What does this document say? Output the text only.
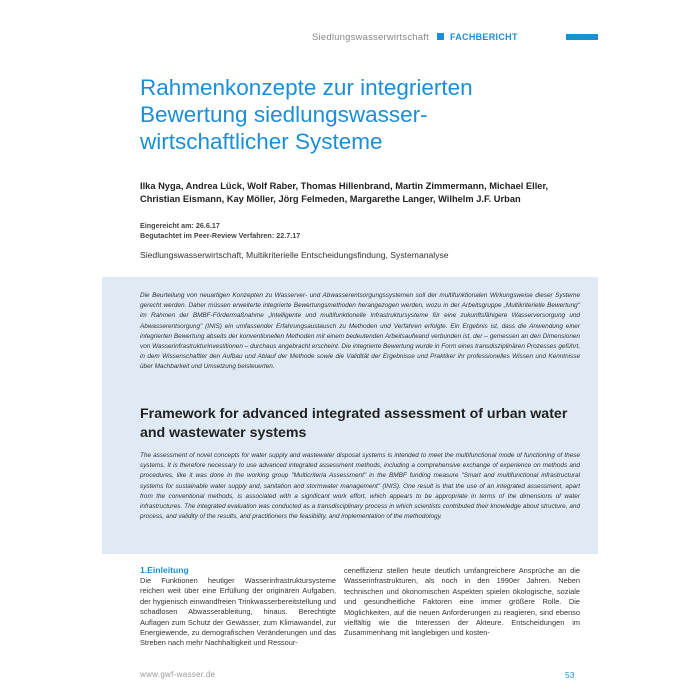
Siedlungswasserwirtschaft FACHBERICHT
Rahmenkonzepte zur integrierten Bewertung siedlungswasser-wirtschaftlicher Systeme
Ilka Nyga, Andrea Lück, Wolf Raber, Thomas Hillenbrand, Martin Zimmermann, Michael Eller, Christian Eismann, Kay Möller, Jörg Felmeden, Margarethe Langer, Wilhelm J.F. Urban
Eingereicht am: 26.6.17
Begutachtet im Peer-Review Verfahren: 22.7.17
Siedlungswasserwirtschaft, Multikriterielle Entscheidungsfindung, Systemanalyse

Die Beurteilung von neuartigen Konzepten zu Wasserver- und Abwasserentsorgungssystemen soll der multifunktionalen Wirkungsweise dieser Systeme gerecht werden. Daher müssen erweiterte integrierte Bewertungsmethoden herangezogen werden, wozu in der Arbeitsgruppe „Multikriterielle Bewertung" im Rahmen der BMBF-Fördermaßnahme „Intelligente und multifunktionelle Infrastruktursysteme für eine zukunftsfähigere Wasserversorgung und Abwasserentsorgung" (INIS) ein umfassender Erfahrungsaustausch zu Methoden und Verfahren erfolgte. Ein Ergebnis ist, dass die Anwendung einer integrierten Bewertung abseits der konventionellen Methoden mit einem bedeutenden Arbeitsaufwand verbunden ist, der – gemessen an den Dimensionen von Wasserinfrastrukturinvestitionen – durchaus angebracht erscheint. Die integrierte Bewertung wurde in Form eines transdisziplinären Prozesses geführt, in dem Wissenschaftler den Aufbau und Ablauf der Methode sowie die Validität der Ergebnisse und Praktiker ihr professionelles Wissen und Kenntnisse über Machbarkeit und Umsetzung beisteuerten.

Framework for advanced integrated assessment of urban water and wastewater systems

The assessment of novel concepts for water supply and wastewater disposal systems is intended to meet the multifunctional mode of functioning of these systems. It is therefore necessary to use advanced integrated assessment methods, including a comprehensive exchange of experience on methods and procedures, like it was done in the working group "Multicriteria Assessment" in the BMBF funding measure "Smart and multifunctional infrastructural systems for sustainable water supply and, sanitation and stormwater management" (INIS). One result is that the use of an integrated assessment, apart from the conventional methods, is associated with a significant work effort, which appears to be appropriate in terms of the dimensions of water infrastructures. The integrated evaluation was conducted as a transdisciplinary process in which scientists contributed their knowledge about structure, and process, and validity of the results, and practitioners the feasibility, and implementation of the methodology.

1.Einleitung

Die Funktionen heutiger Wasserinfrastruktursysteme reichen weit über eine Erfüllung der originären Aufgaben, der hygienisch einwandfreien Trinkwasserbereitstellung und schadlosen Abwasserableitung, hinaus. Berechtigte Auflagen zum Schutz der Gewässer, zum Klimawandel, zur Energiewende, zu demografischen Veränderungen und das Streben nach mehr Nachhaltigkeit und Ressour-

ceneffizienz stellen heute deutlich umfangreichere Ansprüche an die Wasserinfrastrukturen, als noch in den 1990er Jahren. Neben technischen und ökonomischen Aspekten spielen ökologische, soziale und gesundheitliche Faktoren eine immer größere Rolle. Die Möglichkeiten, auf die neuen Anforderungen zu reagieren, sind ebenso vielfältig wie die Interessen der Akteure. Entscheidungen im Zusammenhang mit langlebigen und kosten-

www.gwf-wasser.de	53
